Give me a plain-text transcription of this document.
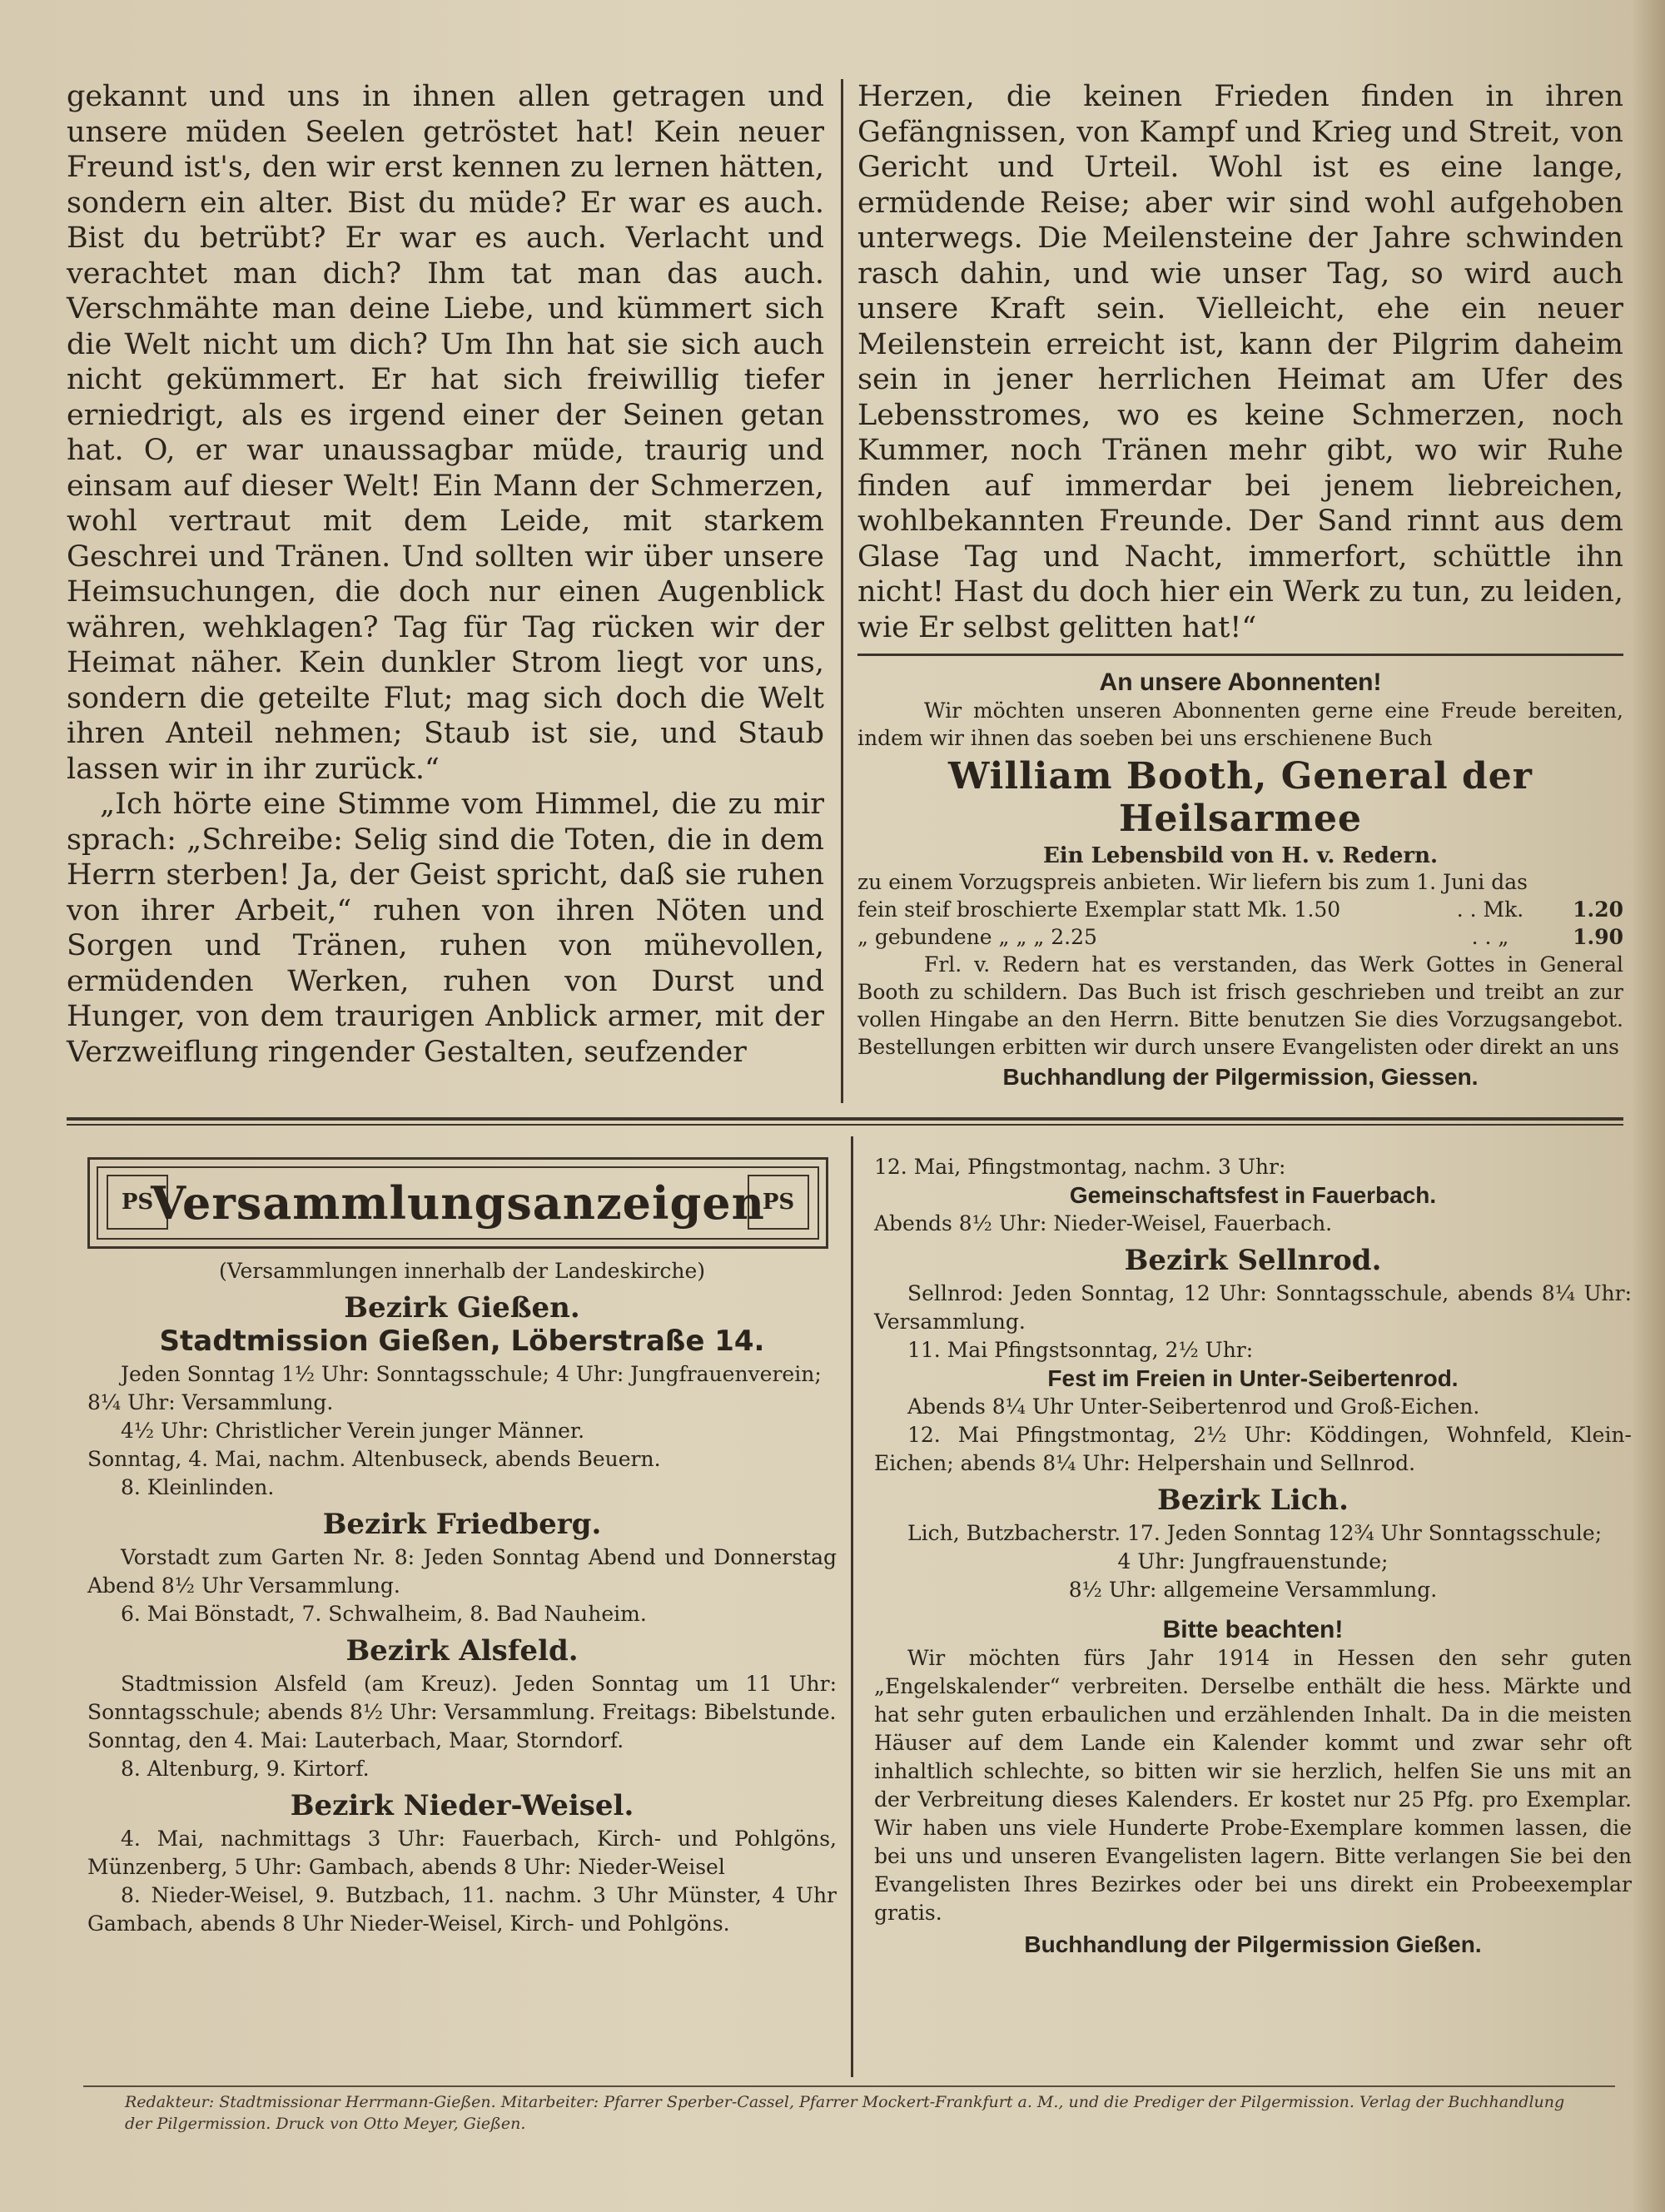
gekannt und uns in ihnen allen getragen und unsere müden Seelen getröstet hat! Kein neuer Freund ist's, den wir erst kennen zu lernen hätten, sondern ein alter. Bist du müde? Er war es auch. Bist du betrübt? Er war es auch. Verlacht und verachtet man dich? Ihm tat man das auch. Verschmähte man deine Liebe, und kümmert sich die Welt nicht um dich? Um Ihn hat sie sich auch nicht gekümmert. Er hat sich freiwillig tiefer erniedrigt, als es irgend einer der Seinen getan hat. O, er war unaussagbar müde, traurig und einsam auf dieser Welt! Ein Mann der Schmerzen, wohl vertraut mit dem Leide, mit starkem Geschrei und Tränen. Und sollten wir über unsere Heimsuchungen, die doch nur einen Augenblick währen, wehklagen? Tag für Tag rücken wir der Heimat näher. Kein dunkler Strom liegt vor uns, sondern die geteilte Flut; mag sich doch die Welt ihren Anteil nehmen; Staub ist sie, und Staub lassen wir in ihr zurück.“

„Ich hörte eine Stimme vom Himmel, die zu mir sprach: „Schreibe: Selig sind die Toten, die in dem Herrn sterben! Ja, der Geist spricht, daß sie ruhen von ihrer Arbeit,“ ruhen von ihren Nöten und Sorgen und Tränen, ruhen von mühevollen, ermüdenden Werken, ruhen von Durst und Hunger, von dem traurigen Anblick armer, mit der Verzweiflung ringender Gestalten, seufzender

Herzen, die keinen Frieden finden in ihren Gefängnissen, von Kampf und Krieg und Streit, von Gericht und Urteil. Wohl ist es eine lange, ermüdende Reise; aber wir sind wohl aufgehoben unterwegs. Die Meilensteine der Jahre schwinden rasch dahin, und wie unser Tag, so wird auch unsere Kraft sein. Vielleicht, ehe ein neuer Meilenstein erreicht ist, kann der Pilgrim daheim sein in jener herrlichen Heimat am Ufer des Lebensstromes, wo es keine Schmerzen, noch Kummer, noch Tränen mehr gibt, wo wir Ruhe finden auf immerdar bei jenem liebreichen, wohlbekannten Freunde. Der Sand rinnt aus dem Glase Tag und Nacht, immerfort, schüttle ihn nicht! Hast du doch hier ein Werk zu tun, zu leiden, wie Er selbst gelitten hat!“
An unsere Abonnenten!
Wir möchten unseren Abonnenten gerne eine Freude bereiten, indem wir ihnen das soeben bei uns erschienene Buch
William Booth, General der Heilsarmee
Ein Lebensbild von H. v. Redern.
zu einem Vorzugspreis anbieten. Wir liefern bis zum 1. Juni das
fein steif broschierte Exemplar statt Mk. 1.50	. . Mk.	1.20
„ gebundene „ „ „ 2.25	. . „	1.90
Frl. v. Redern hat es verstanden, das Werk Gottes in General Booth zu schildern. Das Buch ist frisch geschrieben und treibt an zur vollen Hingabe an den Herrn. Bitte benutzen Sie dies Vorzugsangebot. Bestellungen erbitten wir durch unsere Evangelisten oder direkt an uns
Buchhandlung der Pilgermission, Giessen.
PS
Versammlungsanzeigen
PS
(Versammlungen innerhalb der Landeskirche)
Bezirk Gießen.
Stadtmission Gießen, Löberstraße 14.

Jeden Sonntag 1½ Uhr: Sonntagsschule; 4 Uhr: Jungfrauenverein; 8¼ Uhr: Versammlung.

4½ Uhr: Christlicher Verein junger Männer.

Sonntag, 4. Mai, nachm. Altenbuseck, abends Beuern.

8. Kleinlinden.

Bezirk Friedberg.

Vorstadt zum Garten Nr. 8: Jeden Sonntag Abend und Donnerstag Abend 8½ Uhr Versammlung.

6. Mai Bönstadt, 7. Schwalheim, 8. Bad Nauheim.

Bezirk Alsfeld.

Stadtmission Alsfeld (am Kreuz). Jeden Sonntag um 11 Uhr: Sonntagsschule; abends 8½ Uhr: Versammlung. Freitags: Bibelstunde.

Sonntag, den 4. Mai: Lauterbach, Maar, Storndorf.

8. Altenburg, 9. Kirtorf.

Bezirk Nieder-Weisel.

4. Mai, nachmittags 3 Uhr: Fauerbach, Kirch- und Pohlgöns, Münzenberg, 5 Uhr: Gambach, abends 8 Uhr: Nieder-Weisel

8. Nieder-Weisel, 9. Butzbach, 11. nachm. 3 Uhr Münster, 4 Uhr Gambach, abends 8 Uhr Nieder-Weisel, Kirch- und Pohlgöns.

12. Mai, Pfingstmontag, nachm. 3 Uhr:

Gemeinschaftsfest in Fauerbach.

Abends 8½ Uhr: Nieder-Weisel, Fauerbach.

Bezirk Sellnrod.

Sellnrod: Jeden Sonntag, 12 Uhr: Sonntagsschule, abends 8¼ Uhr: Versammlung.

11. Mai Pfingstsonntag, 2½ Uhr:

Fest im Freien in Unter-Seibertenrod.

Abends 8¼ Uhr Unter-Seibertenrod und Groß-Eichen.

12. Mai Pfingstmontag, 2½ Uhr: Köddingen, Wohnfeld, Klein-Eichen; abends 8¼ Uhr: Helpershain und Sellnrod.

Bezirk Lich.

Lich, Butzbacherstr. 17. Jeden Sonntag 12¾ Uhr Sonntagsschule;

4 Uhr: Jungfrauenstunde;

8½ Uhr: allgemeine Versammlung.

Bitte beachten!

Wir möchten fürs Jahr 1914 in Hessen den sehr guten „Engelskalender“ verbreiten. Derselbe enthält die hess. Märkte und hat sehr guten erbaulichen und erzählenden Inhalt. Da in die meisten Häuser auf dem Lande ein Kalender kommt und zwar sehr oft inhaltlich schlechte, so bitten wir sie herzlich, helfen Sie uns mit an der Verbreitung dieses Kalenders. Er kostet nur 25 Pfg. pro Exemplar. Wir haben uns viele Hunderte Probe-Exemplare kommen lassen, die bei uns und unseren Evangelisten lagern. Bitte verlangen Sie bei den Evangelisten Ihres Bezirkes oder bei uns direkt ein Probeexemplar gratis.

Buchhandlung der Pilgermission Gießen.
Redakteur: Stadtmissionar Herrmann-Gießen. Mitarbeiter: Pfarrer Sperber-Cassel, Pfarrer Mockert-Frankfurt a. M., und die Prediger der Pilgermission. Verlag der Buchhandlung der Pilgermission. Druck von Otto Meyer, Gießen.
